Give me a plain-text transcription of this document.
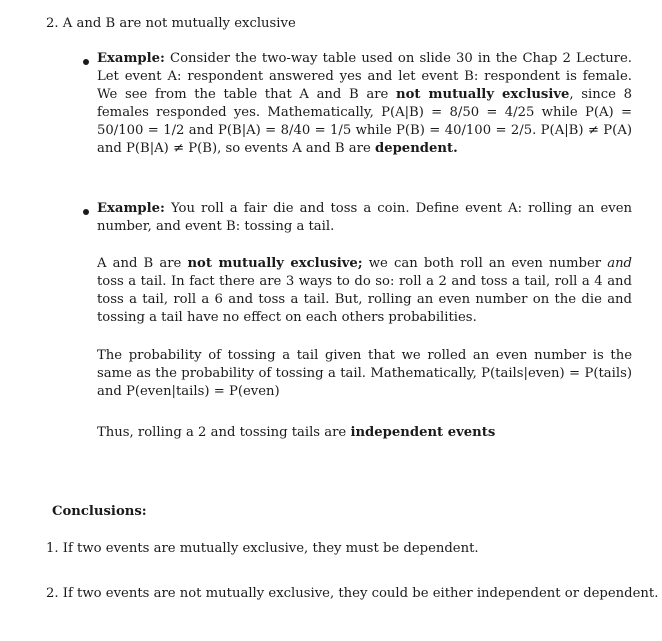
2. A and B are not mutually exclusive

Example: Consider the two-way table used on slide 30 in the Chap 2 Lecture. Let event A: respondent answered yes and let event B: respondent is female. We see from the table that A and B are not mutually exclusive, since 8 females responded yes. Mathematically, P(A|B) = 8/50 = 4/25 while P(A) = 50/100 = 1/2 and P(B|A) = 8/40 = 1/5 while P(B) = 40/100 = 2/5. P(A|B) ≠ P(A) and P(B|A) ≠ P(B), so events A and B are dependent.

Example: You roll a fair die and toss a coin. Define event A: rolling an even number, and event B: tossing a tail.

A and B are not mutually exclusive; we can both roll an even number and toss a tail. In fact there are 3 ways to do so: roll a 2 and toss a tail, roll a 4 and toss a tail, roll a 6 and toss a tail. But, rolling an even number on the die and tossing a tail have no effect on each others probabilities.

The probability of tossing a tail given that we rolled an even number is the same as the probability of tossing a tail. Mathematically, P(tails|even) = P(tails) and P(even|tails) = P(even)

Thus, rolling a 2 and tossing tails are independent events

Conclusions:
1. If two events are mutually exclusive, they must be dependent.
2. If two events are not mutually exclusive, they could be either independent or dependent.
